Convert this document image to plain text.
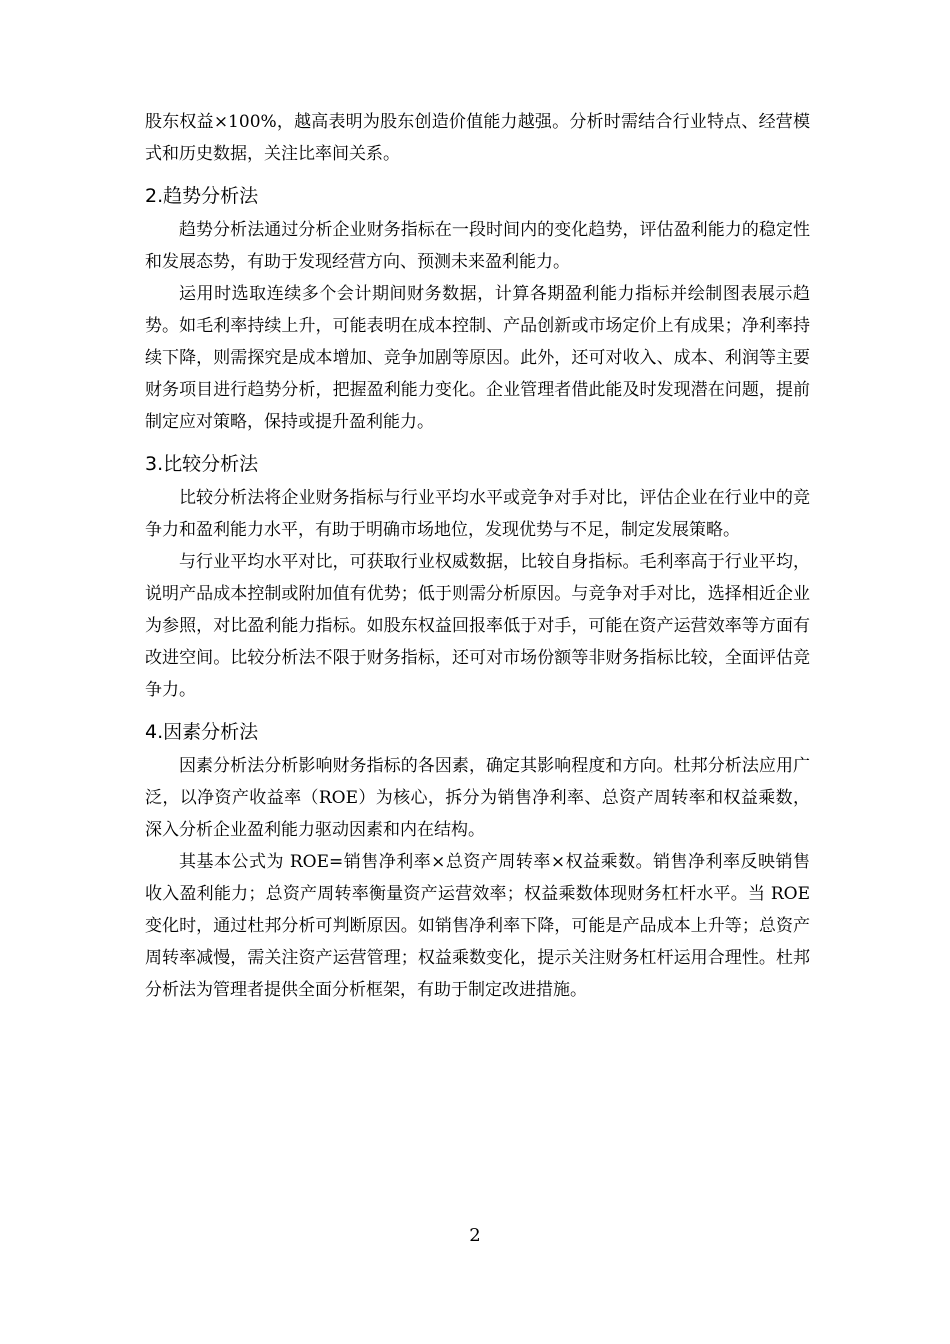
股东权益×100%，越高表明为股东创造价值能力越强。分析时需结合行业特点、经营模式和历史数据，关注比率间关系。

2.趋势分析法

趋势分析法通过分析企业财务指标在一段时间内的变化趋势，评估盈利能力的稳定性和发展态势，有助于发现经营方向、预测未来盈利能力。

运用时选取连续多个会计期间财务数据，计算各期盈利能力指标并绘制图表展示趋势。如毛利率持续上升，可能表明在成本控制、产品创新或市场定价上有成果；净利率持续下降，则需探究是成本增加、竞争加剧等原因。此外，还可对收入、成本、利润等主要财务项目进行趋势分析，把握盈利能力变化。企业管理者借此能及时发现潜在问题，提前制定应对策略，保持或提升盈利能力。

3.比较分析法

比较分析法将企业财务指标与行业平均水平或竞争对手对比，评估企业在行业中的竞争力和盈利能力水平，有助于明确市场地位，发现优势与不足，制定发展策略。

与行业平均水平对比，可获取行业权威数据，比较自身指标。毛利率高于行业平均，说明产品成本控制或附加值有优势；低于则需分析原因。与竞争对手对比，选择相近企业为参照，对比盈利能力指标。如股东权益回报率低于对手，可能在资产运营效率等方面有改进空间。比较分析法不限于财务指标，还可对市场份额等非财务指标比较，全面评估竞争力。

4.因素分析法

因素分析法分析影响财务指标的各因素，确定其影响程度和方向。杜邦分析法应用广泛，以净资产收益率（ROE）为核心，拆分为销售净利率、总资产周转率和权益乘数，深入分析企业盈利能力驱动因素和内在结构。

其基本公式为 ROE=销售净利率×总资产周转率×权益乘数。销售净利率反映销售收入盈利能力；总资产周转率衡量资产运营效率；权益乘数体现财务杠杆水平。当 ROE 变化时，通过杜邦分析可判断原因。如销售净利率下降，可能是产品成本上升等；总资产周转率减慢，需关注资产运营管理；权益乘数变化，提示关注财务杠杆运用合理性。杜邦分析法为管理者提供全面分析框架，有助于制定改进措施。

2
